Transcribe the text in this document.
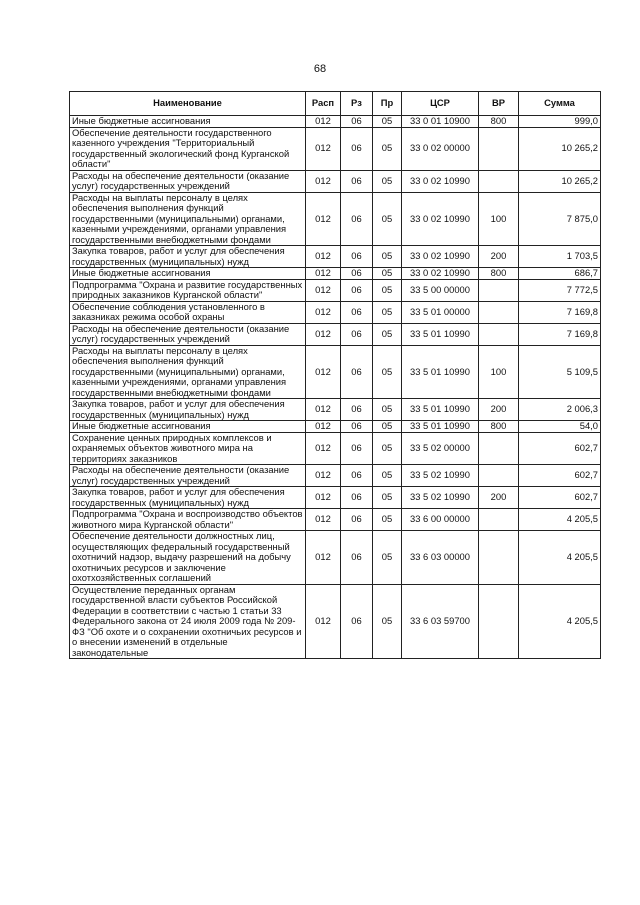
68
Наименование	Расп	Рз	Пр	ЦСР	ВР	Сумма
Иные бюджетные ассигнования	012	06	05	33 0 01 10900	800	999,0
Обеспечение деятельности государственного казенного учреждения "Территориальный государственный экологический фонд Курганской области"	012	06	05	33 0 02 00000		10 265,2
Расходы на обеспечение деятельности (оказание услуг) государственных учреждений	012	06	05	33 0 02 10990		10 265,2
Расходы на выплаты персоналу в целях обеспечения выполнения функций государственными (муниципальными) органами, казенными учреждениями, органами управления государственными внебюджетными фондами	012	06	05	33 0 02 10990	100	7 875,0
Закупка товаров, работ и услуг для обеспечения государственных (муниципальных) нужд	012	06	05	33 0 02 10990	200	1 703,5
Иные бюджетные ассигнования	012	06	05	33 0 02 10990	800	686,7
Подпрограмма "Охрана и развитие государственных природных заказников Курганской области"	012	06	05	33 5 00 00000		7 772,5
Обеспечение соблюдения установленного в заказниках режима особой охраны	012	06	05	33 5 01 00000		7 169,8
Расходы на обеспечение деятельности (оказание услуг) государственных учреждений	012	06	05	33 5 01 10990		7 169,8
Расходы на выплаты персоналу в целях обеспечения выполнения функций государственными (муниципальными) органами, казенными учреждениями, органами управления государственными внебюджетными фондами	012	06	05	33 5 01 10990	100	5 109,5
Закупка товаров, работ и услуг для обеспечения государственных (муниципальных) нужд	012	06	05	33 5 01 10990	200	2 006,3
Иные бюджетные ассигнования	012	06	05	33 5 01 10990	800	54,0
Сохранение ценных природных комплексов и охраняемых объектов животного мира на территориях заказников	012	06	05	33 5 02 00000		602,7
Расходы на обеспечение деятельности (оказание услуг) государственных учреждений	012	06	05	33 5 02 10990		602,7
Закупка товаров, работ и услуг для обеспечения государственных (муниципальных) нужд	012	06	05	33 5 02 10990	200	602,7
Подпрограмма "Охрана и воспроизводство объектов животного мира Курганской области"	012	06	05	33 6 00 00000		4 205,5
Обеспечение деятельности должностных лиц, осуществляющих федеральный государственный охотничий надзор, выдачу разрешений на добычу охотничьих ресурсов и заключение охотхозяйственных соглашений	012	06	05	33 6 03 00000		4 205,5
Осуществление переданных органам государственной власти субъектов Российской Федерации в соответствии с частью 1 статьи 33 Федерального закона от 24 июля 2009 года № 209-ФЗ "Об охоте и о сохранении охотничьих ресурсов и о внесении изменений в отдельные законодательные	012	06	05	33 6 03 59700		4 205,5
